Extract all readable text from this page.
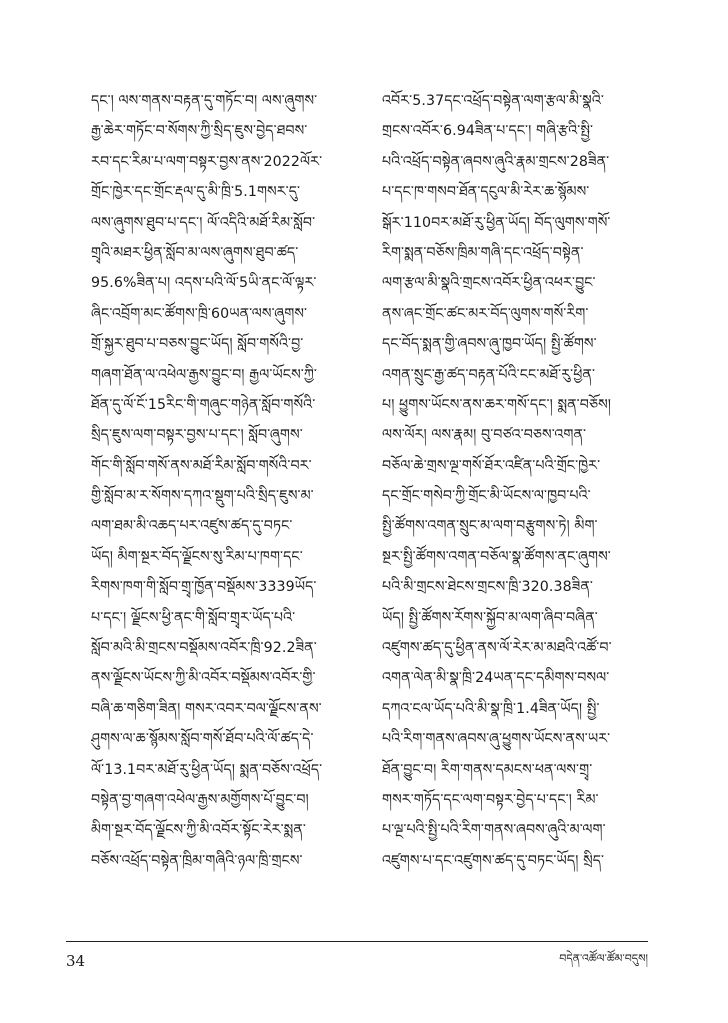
དང་། ལས་གནས་བརྟན་དུ་གཏོང་བ། ལས་ཞུགས་
རྒྱ་ཆེར་གཏོང་བ་སོགས་ཀྱི་སྲིད་ཇུས་བྱེད་ཐབས་
རབ་དང་རིམ་པ་ལག་བསྟར་བྱས་ནས་2022ལོར་
གྲོང་ཁྱེར་དང་གྲོང་རྡལ་དུ་མི་ཁྲི་5.1གསར་དུ་
ལས་ཞུགས་ཐུབ་པ་དང་། ལོ་འདིའི་མཐོ་རིམ་སློབ་
གྲྭའི་མཐར་ཕྱིན་སློབ་མ་ལས་ཞུགས་ཐུབ་ཚད་
95.6%ཟིན་པ། འདས་པའི་ལོ་5ཡི་ནང་ལོ་ལྟར་
ཞིང་འབྲོག་མང་ཚོགས་ཁྲི་60ཡན་ལས་ཞུགས་
གྲོ་སྐྱར་ཐུབ་པ་བཅས་བྱུང་ཡོད། སློབ་གསོའི་བྱ་
གཞག་ཐོན་ལ་འཕེལ་རྒྱས་བྱུང་བ། རྒྱལ་ཡོངས་ཀྱི་
ཐོན་དུ་ལོ་ངོ་15རིང་གི་གཞུང་གཉེན་སློབ་གསོའི་
སྲིད་ཇུས་ལག་བསྟར་བྱས་པ་དང་། སློབ་ཞུགས་
གོང་གི་སློབ་གསོ་ནས་མཐོ་རིམ་སློབ་གསོའི་བར་
གྱི་སློབ་མ་ར་སོགས་དཀའ་སྡུག་པའི་སྲིད་ཇུས་མ་
ལག་ཐམ་མི་འཆད་པར་འཛུས་ཚད་དུ་བཏང་
ཡོད། མིག་སྔར་བོད་ལྗོངས་སུ་རིམ་པ་ཁག་དང་
རིགས་ཁག་གི་སློབ་གྲྭ་ཁྱོན་བསྡོམས་3339ཡོད་
པ་དང་། ལྗོངས་ཕྱི་ནང་གི་སློབ་གྲྭར་ཡོད་པའི་
སློབ་མའི་མི་གྲངས་བསྡོམས་འབོར་ཁྲི་92.2ཟིན་
ནས་ལྗོངས་ཡོངས་ཀྱི་མི་འབོར་བསྡོམས་འབོར་གྱི་
བཞི་ཆ་གཅིག་ཟིན། གསར་འབར་བལ་ལྗོངས་ནས་
ཤུགས་ལ་ཆ་སྙོམས་སློབ་གསོ་ཐོབ་པའི་ལོ་ཚད་དེ་
ལོ་13.1བར་མཐོ་རུ་ཕྱིན་ཡོད། སྨན་བཅོས་འཕྲོད་
བསྟེན་བྱ་གཞག་འཕེལ་རྒྱས་མགྱོགས་པོ་བྱུང་བ།
མིག་སྔར་བོད་ལྗོངས་ཀྱི་མི་འབོར་སྟོང་རེར་སྨན་
བཅོས་འཕྲོད་བསྟེན་ཁྲིམ་གཞིའི་ཉལ་ཁྲི་གྲངས་
འབོར་5.37དང་འཕྲོད་བསྟེན་ལག་རྩལ་མི་སྣའི་
གྲངས་འབོར་6.94ཟིན་པ་དང་། གཞི་རྩའི་སྤྱི་
པའི་འཕྲོད་བསྟེན་ཞབས་ཞུའི་རྣམ་གྲངས་28ཟིན་
པ་དང་ཁ་གསབ་ཐོན་དངུལ་མི་རེར་ཆ་སྙོམས་
སྒོར་110བར་མཐོ་རུ་ཕྱིན་ཡོད། བོད་ལུགས་གསོ་
རིག་སྨན་བཅོས་ཁྲིམ་གཞི་དང་འཕྲོད་བསྟེན་
ལག་རྩལ་མི་སྣའི་གྲངས་འབོར་ཕྱིན་འཕར་བྱུང་
ནས་ཞང་གྲོང་ཚང་མར་བོད་ལུགས་གསོ་རིག་
དང་བོད་སྨན་གྱི་ཞབས་ཞུ་ཁྱབ་ཡོད། སྤྱི་ཚོགས་
འགན་སྲུང་རྒྱ་ཚད་བརྟན་པོའི་ངང་མཐོ་རུ་ཕྱིན་
པ། ཕྱུགས་ཡོངས་ནས་ཆར་གསོ་དང་། སྨན་བཅོས།
ལས་ལོར། ལས་རྣམ། བུ་བཙའ་བཅས་འགན་
བཅོལ་ཆེ་གྲས་ལྔ་གསོ་ཐོར་འཛིན་པའི་གྲོང་ཁྱེར་
དང་གྲོང་གསེབ་ཀྱི་གྲོང་མི་ཡོངས་ལ་ཁྱབ་པའི་
སྤྱི་ཚོགས་འགན་སྲུང་མ་ལག་བརྩུགས་ཏེ། མིག་
སྔར་སྤྱི་ཚོགས་འགན་བཅོལ་སྣ་ཚོགས་ནང་ཞུགས་
པའི་མི་གྲངས་ཐེངས་གྲངས་ཁྲི་320.38ཟིན་
ཡོད། སྤྱི་ཚོགས་རོགས་སྐྱོབ་མ་ལག་ཞིབ་བཞིན་
འཛུགས་ཚད་དུ་ཕྱིན་ནས་ལོ་རེར་མ་མཐའི་འཚོ་བ་
འགན་ལེན་མི་སྣ་ཁྲི་24ཡན་དང་དམིགས་བསལ་
དཀའ་ངལ་ཡོད་པའི་མི་སྣ་ཁྲི་1.4ཟིན་ཡོད། སྤྱི་
པའི་རིག་གནས་ཞབས་ཞུ་ཕྱུགས་ཡོངས་ནས་ཡར་
ཐོན་བྱུང་བ། རིག་གནས་དམངས་ཕན་ལས་གྲྭ་
གསར་གཏོད་དང་ལག་བསྟར་བྱེད་པ་དང་། རིམ་
པ་ལྔ་པའི་སྤྱི་པའི་རིག་གནས་ཞབས་ཞུའི་མ་ལག་
འཛུགས་པ་དང་འཛུགས་ཚད་དུ་བཏང་ཡོད། སྲིད་
34	བདེན་འཚོལ་ཚོམ་བདུས།
